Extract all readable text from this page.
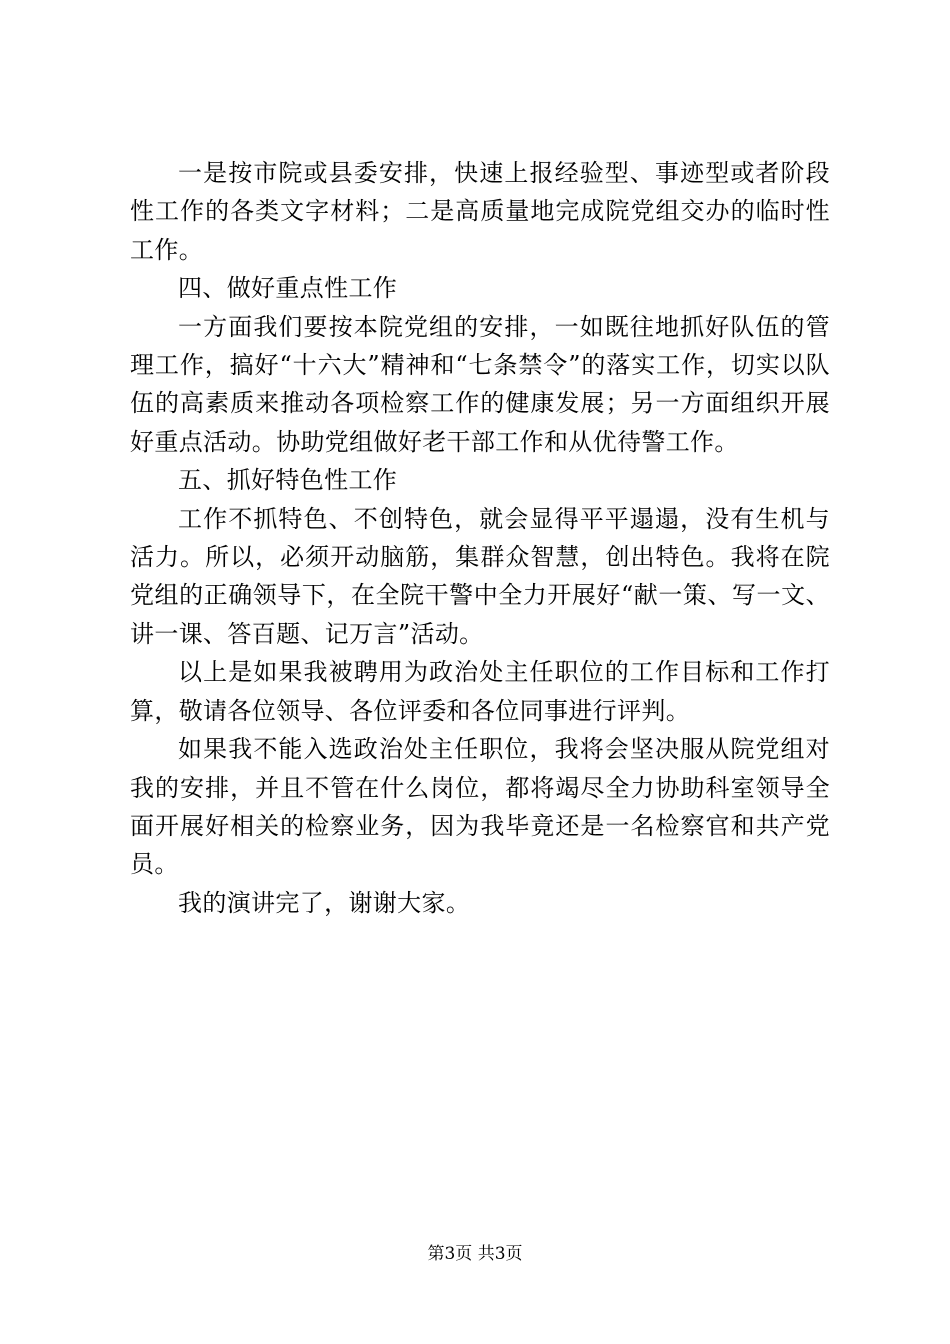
一是按市院或县委安排，快速上报经验型、事迹型或者阶段性工作的各类文字材料；二是高质量地完成院党组交办的临时性工作。

四、做好重点性工作

一方面我们要按本院党组的安排，一如既往地抓好队伍的管理工作，搞好“十六大”精神和“七条禁令”的落实工作，切实以队伍的高素质来推动各项检察工作的健康发展；另一方面组织开展好重点活动。协助党组做好老干部工作和从优待警工作。

五、抓好特色性工作

工作不抓特色、不创特色，就会显得平平遢遢，没有生机与活力。所以，必须开动脑筋，集群众智慧，创出特色。我将在院党组的正确领导下，在全院干警中全力开展好“献一策、写一文、讲一课、答百题、记万言”活动。

以上是如果我被聘用为政治处主任职位的工作目标和工作打算，敬请各位领导、各位评委和各位同事进行评判。

如果我不能入选政治处主任职位，我将会坚决服从院党组对我的安排，并且不管在什么岗位，都将竭尽全力协助科室领导全面开展好相关的检察业务，因为我毕竟还是一名检察官和共产党员。

我的演讲完了，谢谢大家。

第3页 共3页
